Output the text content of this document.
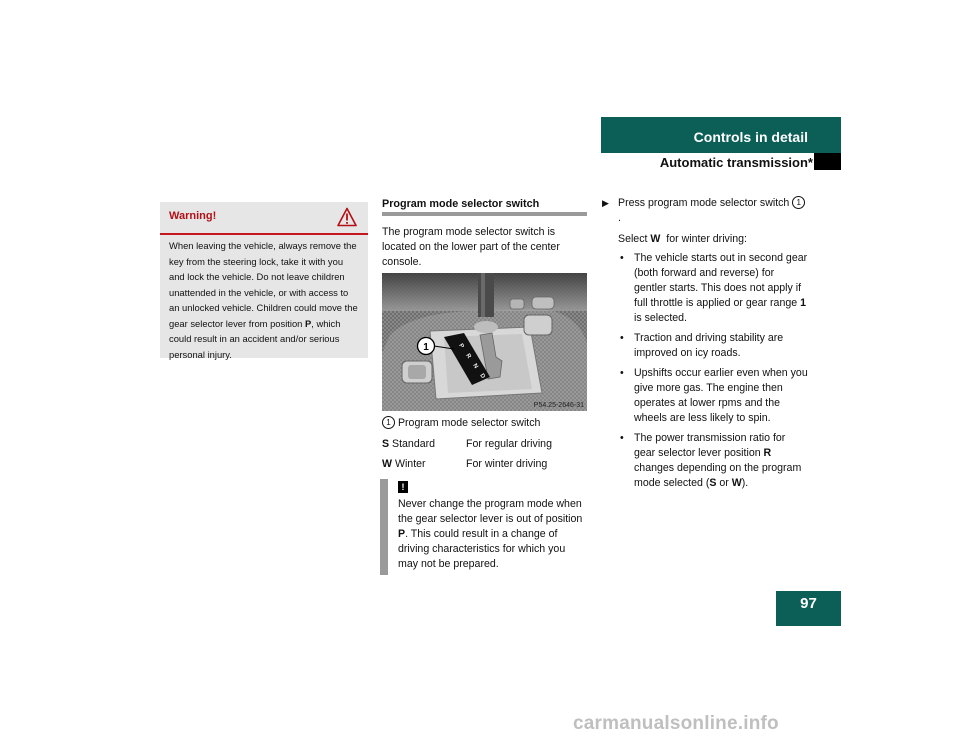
Controls in detail
Automatic transmission*
Warning!
When leaving the vehicle, always remove the key from the steering lock, take it with you and lock the vehicle. Do not leave children unattended in the vehicle, or with access to an unlocked vehicle. Children could move the gear selector lever from position P, which could result in an accident and/or serious personal injury.
Program mode selector switch
The program mode selector switch is located on the lower part of the center console.
P
R
N
D
1
P54.25-2646-31
1 Program mode selector switch
S Standard	For regular driving
W Winter	For winter driving
!
Never change the program mode when the gear selector lever is out of position P. This could result in a change of driving characteristics for which you may not be prepared.
▶ Press program mode selector switch 1.
Select W  for winter driving:
• The vehicle starts out in second gear (both forward and reverse) for gentler starts. This does not apply if full throttle is applied or gear range 1 is selected.
• Traction and driving stability are improved on icy roads.
• Upshifts occur earlier even when you give more gas. The engine then operates at lower rpms and the wheels are less likely to spin.
• The power transmission ratio for gear selector lever position R changes depending on the program mode selected (S or W).
97
carmanualsonline.info
